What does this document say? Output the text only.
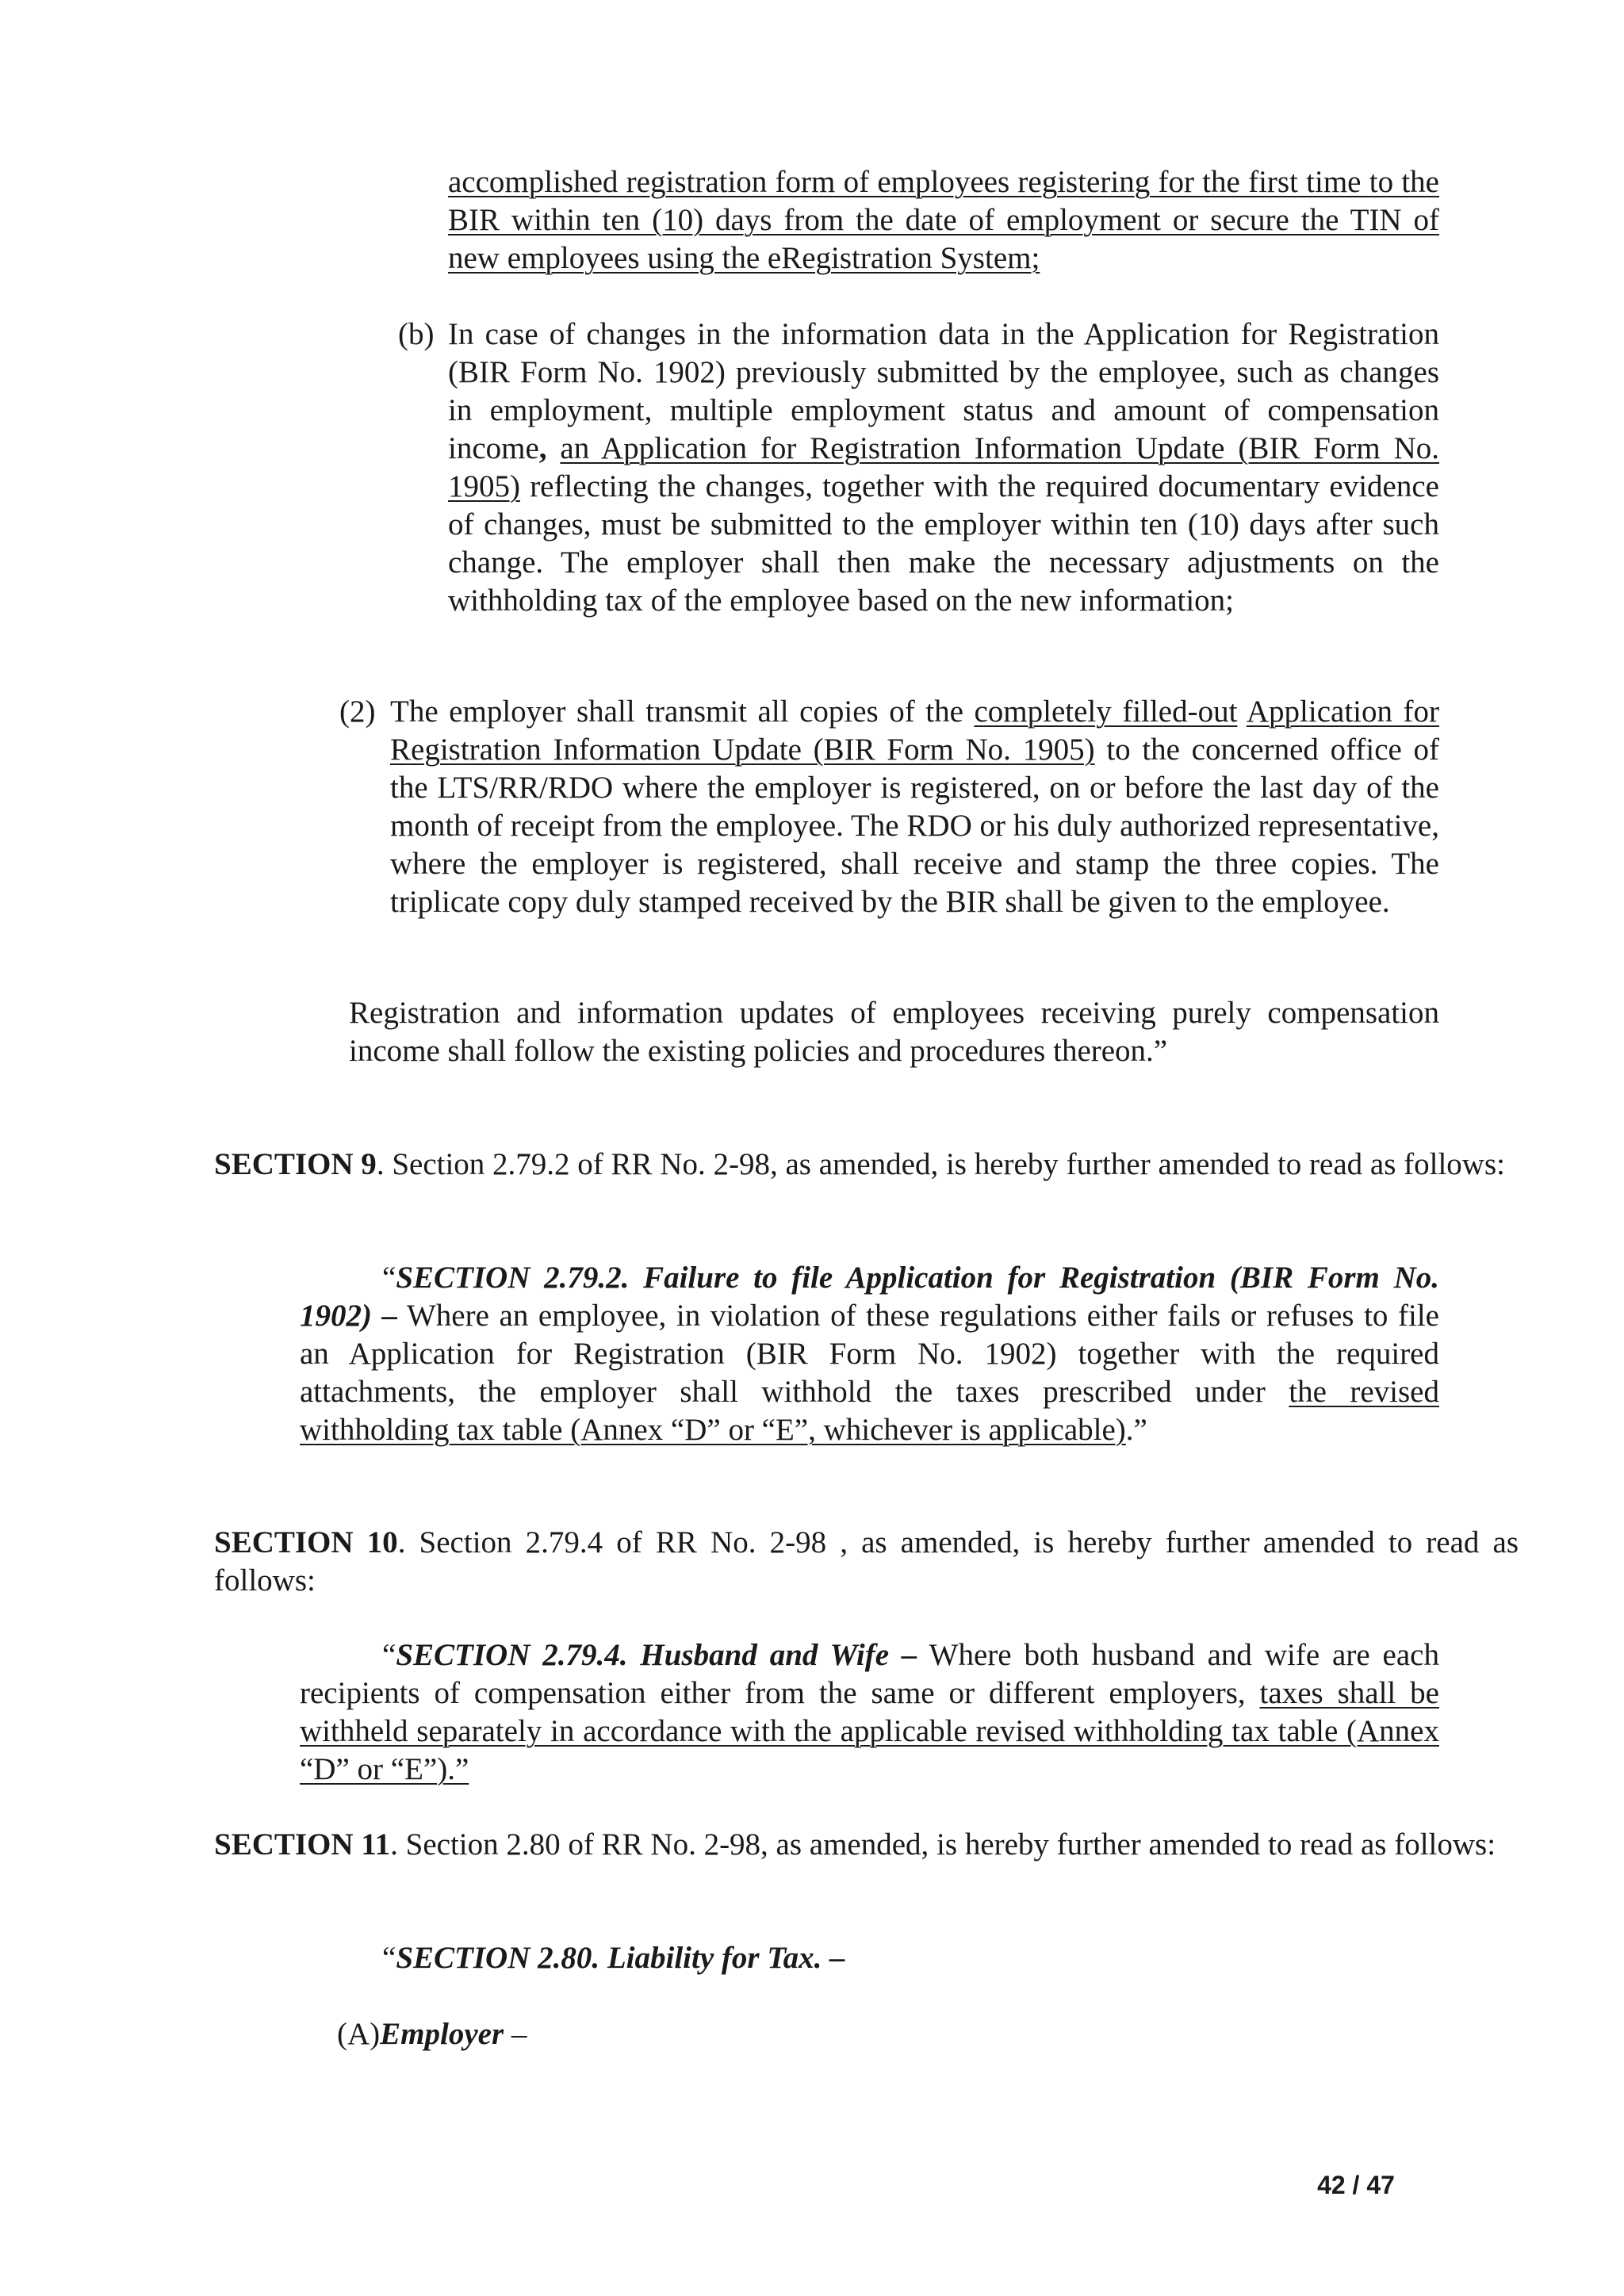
accomplished registration form of employees registering for the first time to the BIR within ten (10) days from the date of employment or secure the TIN of new employees using the eRegistration System;

(b) In case of changes in the information data in the Application for Registration (BIR Form No. 1902) previously submitted by the employee, such as changes in employment, multiple employment status and amount of compensation income, an Application for Registration Information Update (BIR Form No. 1905) reflecting the changes, together with the required documentary evidence of changes, must be submitted to the employer within ten (10) days after such change. The employer shall then make the necessary adjustments on the withholding tax of the employee based on the new information;

(2) The employer shall transmit all copies of the completely filled-out Application for Registration Information Update (BIR Form No. 1905) to the concerned office of the LTS/RR/RDO where the employer is registered, on or before the last day of the month of receipt from the employee. The RDO or his duly authorized representative, where the employer is registered, shall receive and stamp the three copies. The triplicate copy duly stamped received by the BIR shall be given to the employee.

Registration and information updates of employees receiving purely compensation income shall follow the existing policies and procedures thereon.”

SECTION 9. Section 2.79.2 of RR No. 2-98, as amended, is hereby further amended to read as follows:

“SECTION 2.79.2. Failure to file Application for Registration (BIR Form No. 1902) – Where an employee, in violation of these regulations either fails or refuses to file an Application for Registration (BIR Form No. 1902) together with the required attachments, the employer shall withhold the taxes prescribed under the revised withholding tax table (Annex “D” or “E”, whichever is applicable).”

SECTION 10. Section 2.79.4 of RR No. 2-98 , as amended, is hereby further amended to read as follows:

“SECTION 2.79.4. Husband and Wife – Where both husband and wife are each recipients of compensation either from the same or different employers, taxes shall be withheld separately in accordance with the applicable revised withholding tax table (Annex “D” or “E”).”

SECTION 11. Section 2.80 of RR No. 2-98, as amended, is hereby further amended to read as follows:

“SECTION 2.80. Liability for Tax. –

(A)Employer –

42 / 47
